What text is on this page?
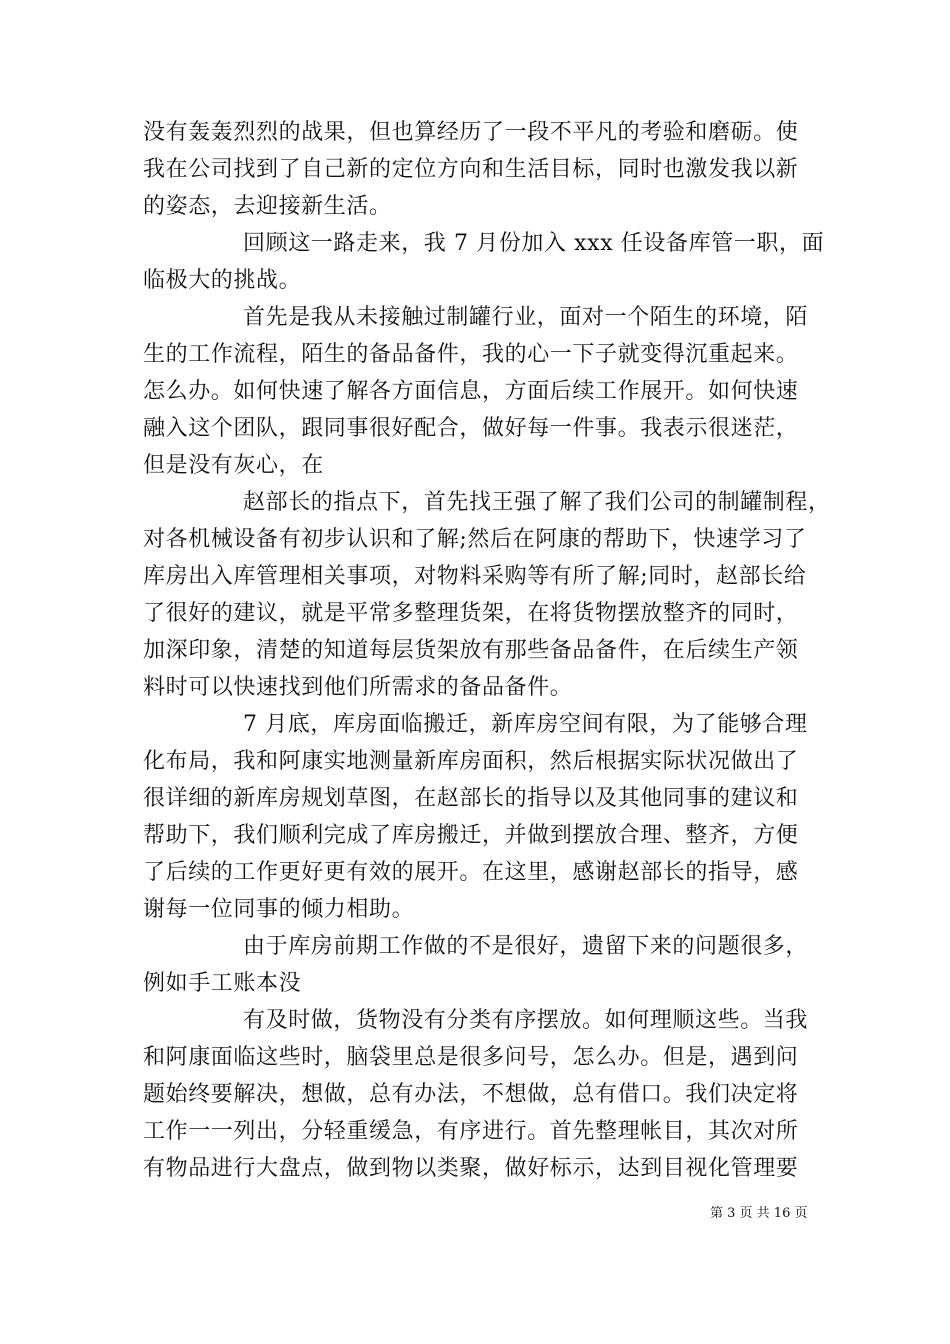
没有轰轰烈烈的战果，但也算经历了一段不平凡的考验和磨砺。使
我在公司找到了自己新的定位方向和生活目标，同时也激发我以新
的姿态，去迎接新生活。
回顾这一路走来，我 7 月份加入 xxx 任设备库管一职，面
临极大的挑战。
首先是我从未接触过制罐行业，面对一个陌生的环境，陌
生的工作流程，陌生的备品备件，我的心一下子就变得沉重起来。
怎么办。如何快速了解各方面信息，方面后续工作展开。如何快速
融入这个团队，跟同事很好配合，做好每一件事。我表示很迷茫，
但是没有灰心，在
赵部长的指点下，首先找王强了解了我们公司的制罐制程，
对各机械设备有初步认识和了解;然后在阿康的帮助下，快速学习了
库房出入库管理相关事项，对物料采购等有所了解;同时，赵部长给
了很好的建议，就是平常多整理货架，在将货物摆放整齐的同时，
加深印象，清楚的知道每层货架放有那些备品备件，在后续生产领
料时可以快速找到他们所需求的备品备件。
7 月底，库房面临搬迁，新库房空间有限，为了能够合理
化布局，我和阿康实地测量新库房面积，然后根据实际状况做出了
很详细的新库房规划草图，在赵部长的指导以及其他同事的建议和
帮助下，我们顺利完成了库房搬迁，并做到摆放合理、整齐，方便
了后续的工作更好更有效的展开。在这里，感谢赵部长的指导，感
谢每一位同事的倾力相助。
由于库房前期工作做的不是很好，遗留下来的问题很多，
例如手工账本没
有及时做，货物没有分类有序摆放。如何理顺这些。当我
和阿康面临这些时，脑袋里总是很多问号，怎么办。但是，遇到问
题始终要解决，想做，总有办法，不想做，总有借口。我们决定将
工作一一列出，分轻重缓急，有序进行。首先整理帐目，其次对所
有物品进行大盘点，做到物以类聚，做好标示，达到目视化管理要
第 3 页 共 16 页
